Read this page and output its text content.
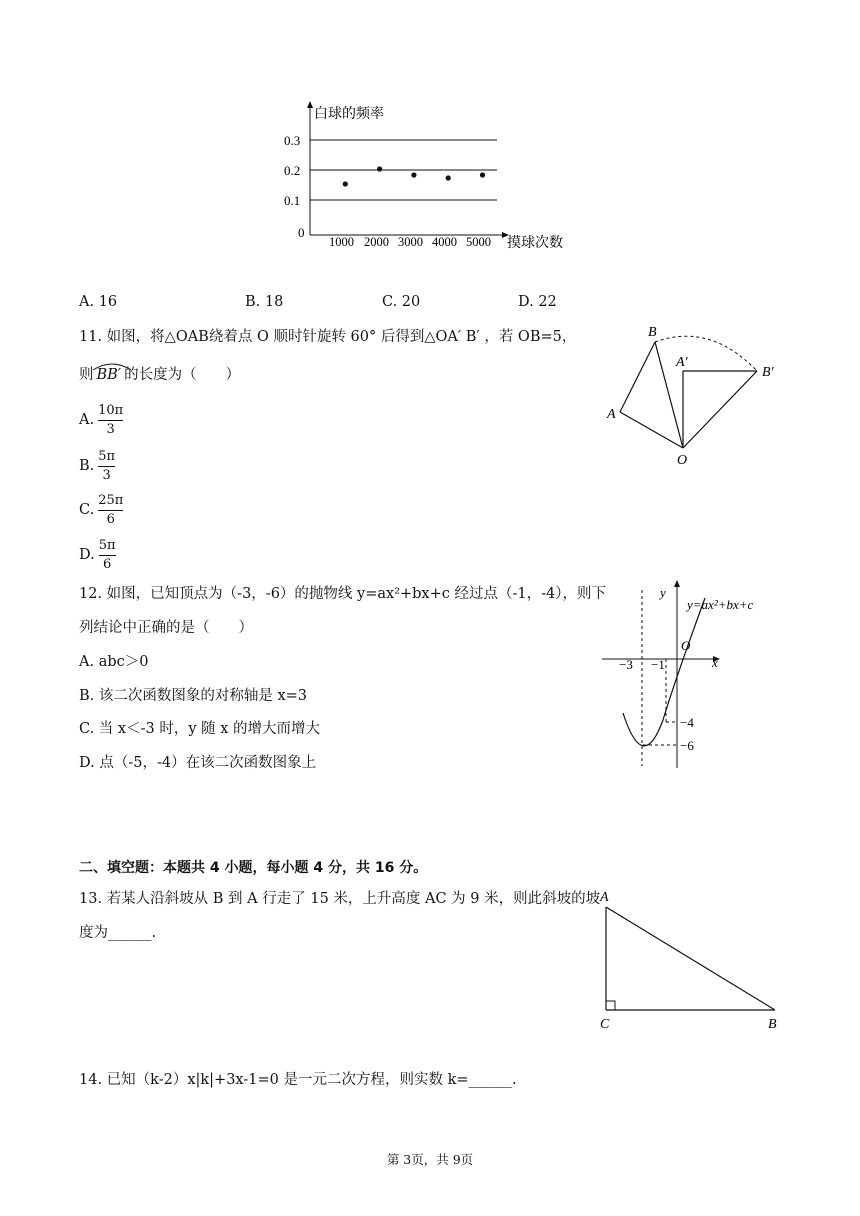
白球的频率
0.3
0.2
0.1
0
1000 2000 3000 4000 5000 摸球次数
A. 16	B. 18	C. 20	D. 22
11. 如图，将△OAB绕着点 O 顺时针旋转 60° 后得到△OA′ B′ ，若 OB=5，
则 BB′ 的长度为（　　）
A. $\frac{10\pi}{3}$
B. $\frac{5\pi}{3}$
C. $\frac{25\pi}{6}$
D. $\frac{5\pi}{6}$
B
A′
B′
A
O
12. 如图，已知顶点为（-3，-6）的抛物线 y=ax²+bx+c 经过点（-1，-4），则下
列结论中正确的是（　　）
A. abc＞0
B. 该二次函数图象的对称轴是 x=3
C. 当 x＜-3 时，y 随 x 的增大而增大
D. 点（-5，-4）在该二次函数图象上
y
y=ax²+bx+c
O
x
−3 −1
−4
−6
二、填空题：本题共 4 小题，每小题 4 分，共 16 分。
13. 若某人沿斜坡从 B 到 A 行走了 15 米，上升高度 AC 为 9 米，则此斜坡的坡
度为______.
A
C	B
14. 已知（k-2）x|k|+3x-1=0 是一元二次方程，则实数 k=______.
第 3页，共 9页
